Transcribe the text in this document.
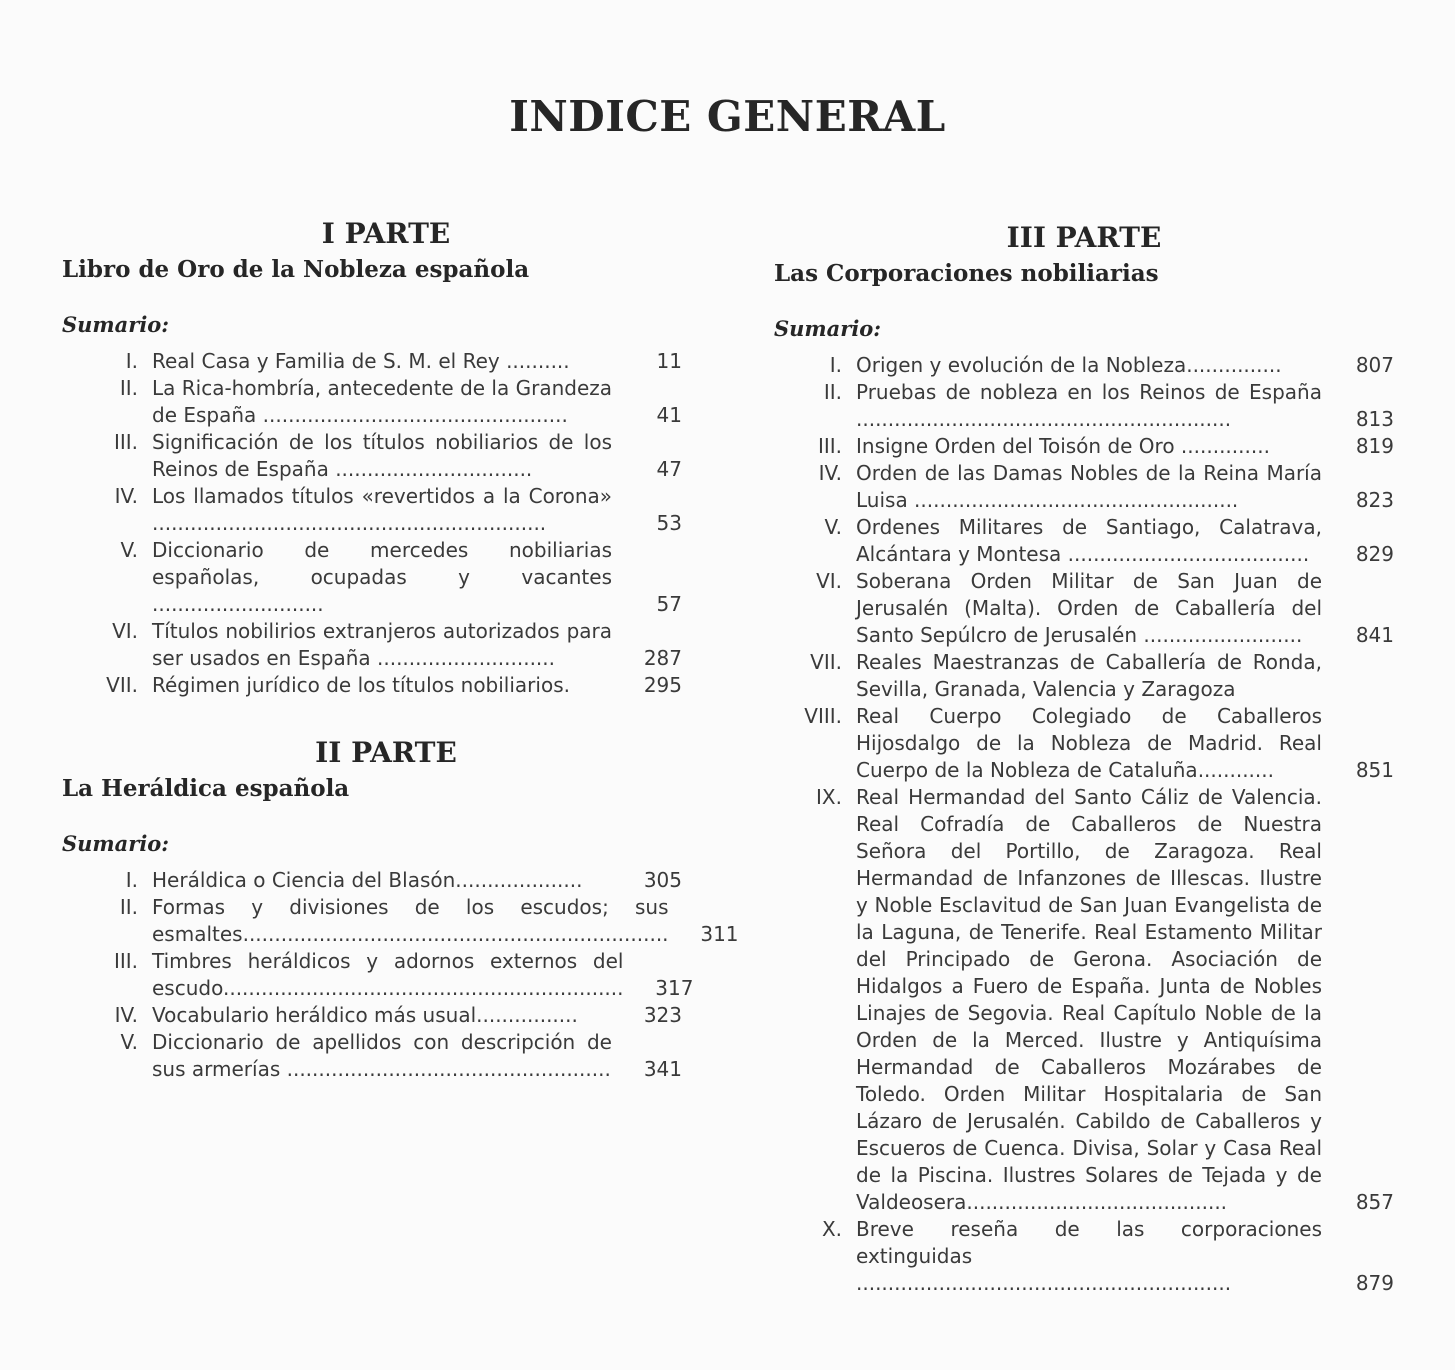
INDICE GENERAL
I PARTE
Libro de Oro de la Nobleza española
Sumario:
I. Real Casa y Familia de S. M. el Rey ..........	11
II. La Rica-hombría, antecedente de la Grandeza de España ................................................	41
III. Significación de los títulos nobiliarios de los Reinos de España ...............................	47
IV. Los llamados títulos «revertidos a la Corona» ..............................................................	53
V. Diccionario de mercedes nobiliarias españolas, ocupadas y vacantes ...........................	57
VI. Títulos nobilirios extranjeros autorizados para ser usados en España ............................	287
VII. Régimen jurídico de los títulos nobiliarios.	295
II PARTE
La Heráldica española
Sumario:
I. Heráldica o Ciencia del Blasón....................	305
II. Formas y divisiones de los escudos; sus esmaltes...................................................................	311
III. Timbres heráldicos y adornos externos del escudo...............................................................	317
IV. Vocabulario heráldico más usual................	323
V. Diccionario de apellidos con descripción de sus armerías ...................................................	341
III PARTE
Las Corporaciones nobiliarias
Sumario:
I. Origen y evolución de la Nobleza...............	807
II. Pruebas de nobleza en los Reinos de España ...........................................................	813
III. Insigne Orden del Toisón de Oro ..............	819
IV. Orden de las Damas Nobles de la Reina María Luisa ...................................................	823
V. Ordenes Militares de Santiago, Calatrava, Alcántara y Montesa ......................................	829
VI. Soberana Orden Militar de San Juan de Jerusalén (Malta). Orden de Caballería del Santo Sepúlcro de Jerusalén .........................	841
VII. Reales Maestranzas de Caballería de Ronda, Sevilla, Granada, Valencia y Zaragoza
VIII. Real Cuerpo Colegiado de Caballeros Hijosdalgo de la Nobleza de Madrid. Real Cuerpo de la Nobleza de Cataluña............	851
IX. Real Hermandad del Santo Cáliz de Valencia. Real Cofradía de Caballeros de Nuestra Señora del Portillo, de Zaragoza. Real Hermandad de Infanzones de Illescas. Ilustre y Noble Esclavitud de San Juan Evangelista de la Laguna, de Tenerife. Real Estamento Militar del Principado de Gerona. Asociación de Hidalgos a Fuero de España. Junta de Nobles Linajes de Segovia. Real Capítulo Noble de la Orden de la Merced. Ilustre y Antiquísima Hermandad de Caballeros Mozárabes de Toledo. Orden Militar Hospitalaria de San Lázaro de Jerusalén. Cabildo de Caballeros y Escueros de Cuenca. Divisa, Solar y Casa Real de la Piscina. Ilustres Solares de Tejada y de Valdeosera.........................................	857
X. Breve reseña de las corporaciones extinguidas ...........................................................	879
